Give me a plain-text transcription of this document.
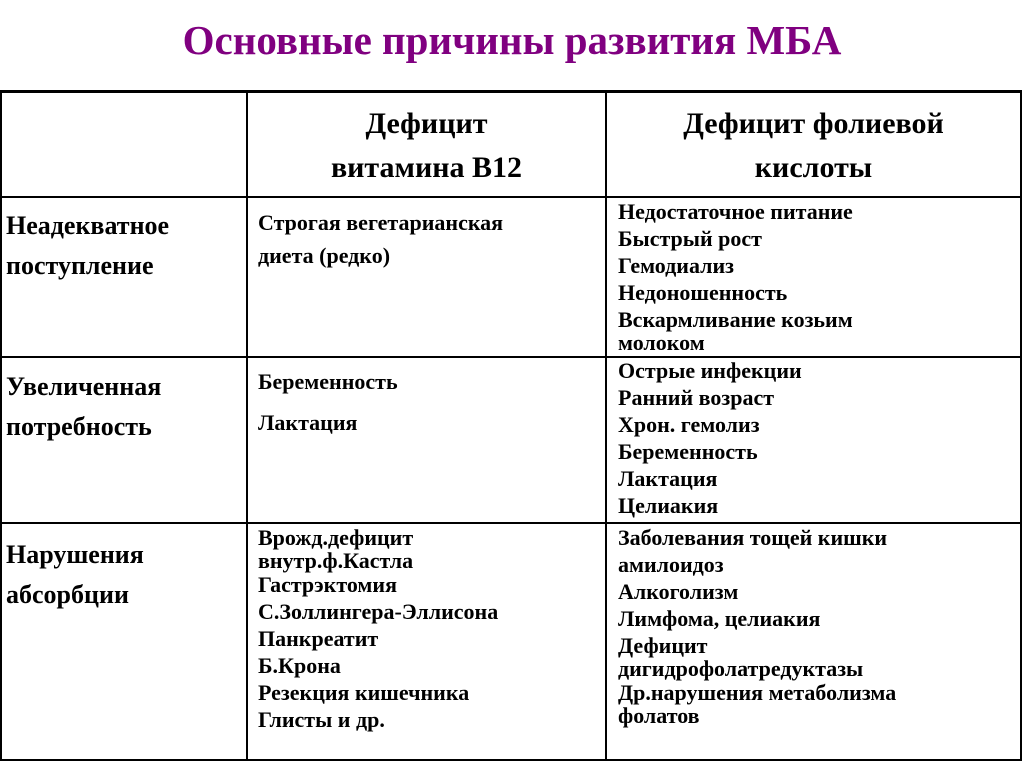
Основные причины развития МБА
Дефицит
витамина В12
Дефицит фолиевой
кислоты
Неадекватное
поступление
Строгая вегетарианская
диета (редко)
Недостаточное питание
Быстрый рост
Гемодиализ
Недоношенность
Вскармливание козьим
молоком
Увеличенная
потребность
Беременность
Лактация
Острые инфекции
Ранний возраст
Хрон. гемолиз
Беременность
Лактация
Целиакия
Нарушения
абсорбции
Врожд.дефицит
внутр.ф.Кастла
Гастрэктомия
С.Золлингера-Эллисона
Панкреатит
Б.Крона
Резекция кишечника
Глисты и др.
Заболевания тощей кишки
амилоидоз
Алкоголизм
Лимфома, целиакия
Дефицит
дигидрофолатредуктазы
Др.нарушения метаболизма
фолатов
